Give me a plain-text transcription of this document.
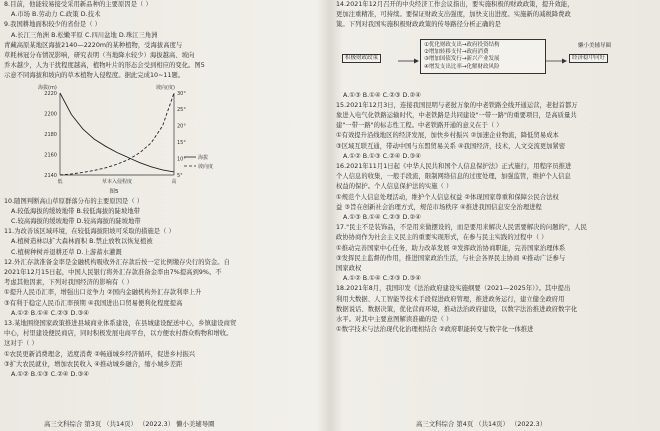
8.目前，他能较易接受采用新品种的主要原因是（ ）
A.市场 B.劳动力 C.政策 D.技术
9.我国耕地面积较少的省份是（ ）
A.长江三角洲 B.松嫩平原 C.四川盆地 D.珠江三角洲
青藏高原某地区海拔2140—2220m的某种植物，受海拔高度与
草耗林冠分布情况影响，研究表明（当地降水较少）海拔越高、坡向
乔木越少，人为干扰程度越高，植物叶片的形态会受到相应的变化。图5
示意不同海拔和坡向的草本植物入侵程度。据此完成10~11题。
海拔(m)	坡向(度)
2220
2200
2180
2160
2140
30°
25°
20°
15°
10°
5°
低	草本入侵程度	高
海拔
坡向度
图5
10.随图判断高山草原群落分布的主要原因是（ ）
A.较低海拔的缓坡地带 B.较低海拔的陡坡地带
C.较高海拔的缓坡地带 D.较高海拔的陡坡地带
11.为改善该区域环境，在较低海拔阳坡可采取的措施是（ ）
A.植树造林以扩大森林面积 B.禁止放牧以恢复植被
C.植树种树并退耕还草 D.上游蓄水灌溉
12.外汇存款准备金率是金融机构吸收外汇存款后按一定比例缴存央行的资金。自
2021年12月15日起，中国人民银行将外汇存款准备金率由7%提高到9%。不
考虑其他因素，下列对我国经济的影响有（ ）
①提升人民币汇率，增强出口竞争力 ②国内金融机构外汇存款利率上升
③有利于稳定人民币汇率预期 ④我国进出口贸易便利化程度提高
A.①② B.①④ C.②③ D.③④
13.某地围绕国家政策推进县域商业体系建设，在县城建设配送中心，乡镇建设商贸
中心，村里建设便民商店，同时积极发展电商平台，以方便农村群众购物和增收。
这对于（ ）
①农民更新消费理念，适度消费 ②畅通城乡经济循环，促进乡村振兴
③扩大农民就业，增加农民收入 ④推动城乡融合，缩小城乡差距
A.①② B.①③ C.②④ D.③④
高三文科综合 第3页 （共14页） （2022.3） 懒小美辅导圈
14.2021年12月召开的中央经济工作会议指出，要实施积极的财政政策，提升效能，
更加注重精准，可持续。要保证财政支出强度，加快支出进度。实施新的减税降费政
策。下列对我国实施积极财政政策的传导路径分析正确的是
积极财政政策
①优化财政支出→政府投资结构
②增加转移支付→政府消费
③增加国债发行→新兴产业发展
④增发支出比率→化解财政风险
懒小美辅导圈
经济稳中向好
A.①③ B.①④ C.②③ D.②④
15.2021年12月3日，连接我国昆明与老挝万象的中老铁路全线开通运营，老挝首都万
象进入电气化铁路运输时代，中老铁路是共同建设"一带一路"的重要项目，是高质量共
建"一带一路"的标志性工程。中老铁路开通的意义在于（ ）
①有效提升沿线地区的经济发展，加快乡村振兴 ②加速企业物流，降低贸易成本
③区域互联互通，带动中国与东盟贸易关系 ④我国经济，技术，人文交流更加紧密
A.①② B.①③ C.②④ D.③④
16.2021年11月1日起《中华人民共和国个人信息保护法》正式施行，用程序员推进
个人信息的收集，一般手段流，限制网络信息的过度处理，加强监管，维护个人信息
权益的保护。个人信息保护法的实施（ ）
①规范个人信息处理活动，维护个人信息权益 ②体现国家尊重和保障公民合法权
益 ③旨在创新社会治理方式，规范市场秩序 ④推进我国信息安全治理进程
A.①③ B.①④ C.②③ D.②④
17."民主不是装饰品，不是用来做摆设的，而是要用来解决人民需要解决的问题的"，人民
政协协商作为社会主义民主的重要实现形式，在参与民主实践的过程中（ ）
①推动完善国家中心任务，助力改革发展 ②发挥政治协商职能，完善国家治理体系
③发挥民主监督的作用，推进国家政治生活，与社会各界民主协商 ④推动广泛参与
国家政权
A.①② B.①④ C.②③ D.③④
18.2021年8月，我国印发《法治政府建设实施纲要（2021—2025年）》。其中提出
利用大数据、人工智能等技术手段促进政府管理，推进政务运行，建立健全政府用
数据说话、数据决策，优化营商环境，推动法治政府建设，以数字法治推进政府数字化
水平。对其中主要意图解读准确的是（ ）
①数字技术与法治现代化治理相结合 ②政府职能转变与数字化一体推进
高三文科综合 第4页 （共14页） （2022.3）
